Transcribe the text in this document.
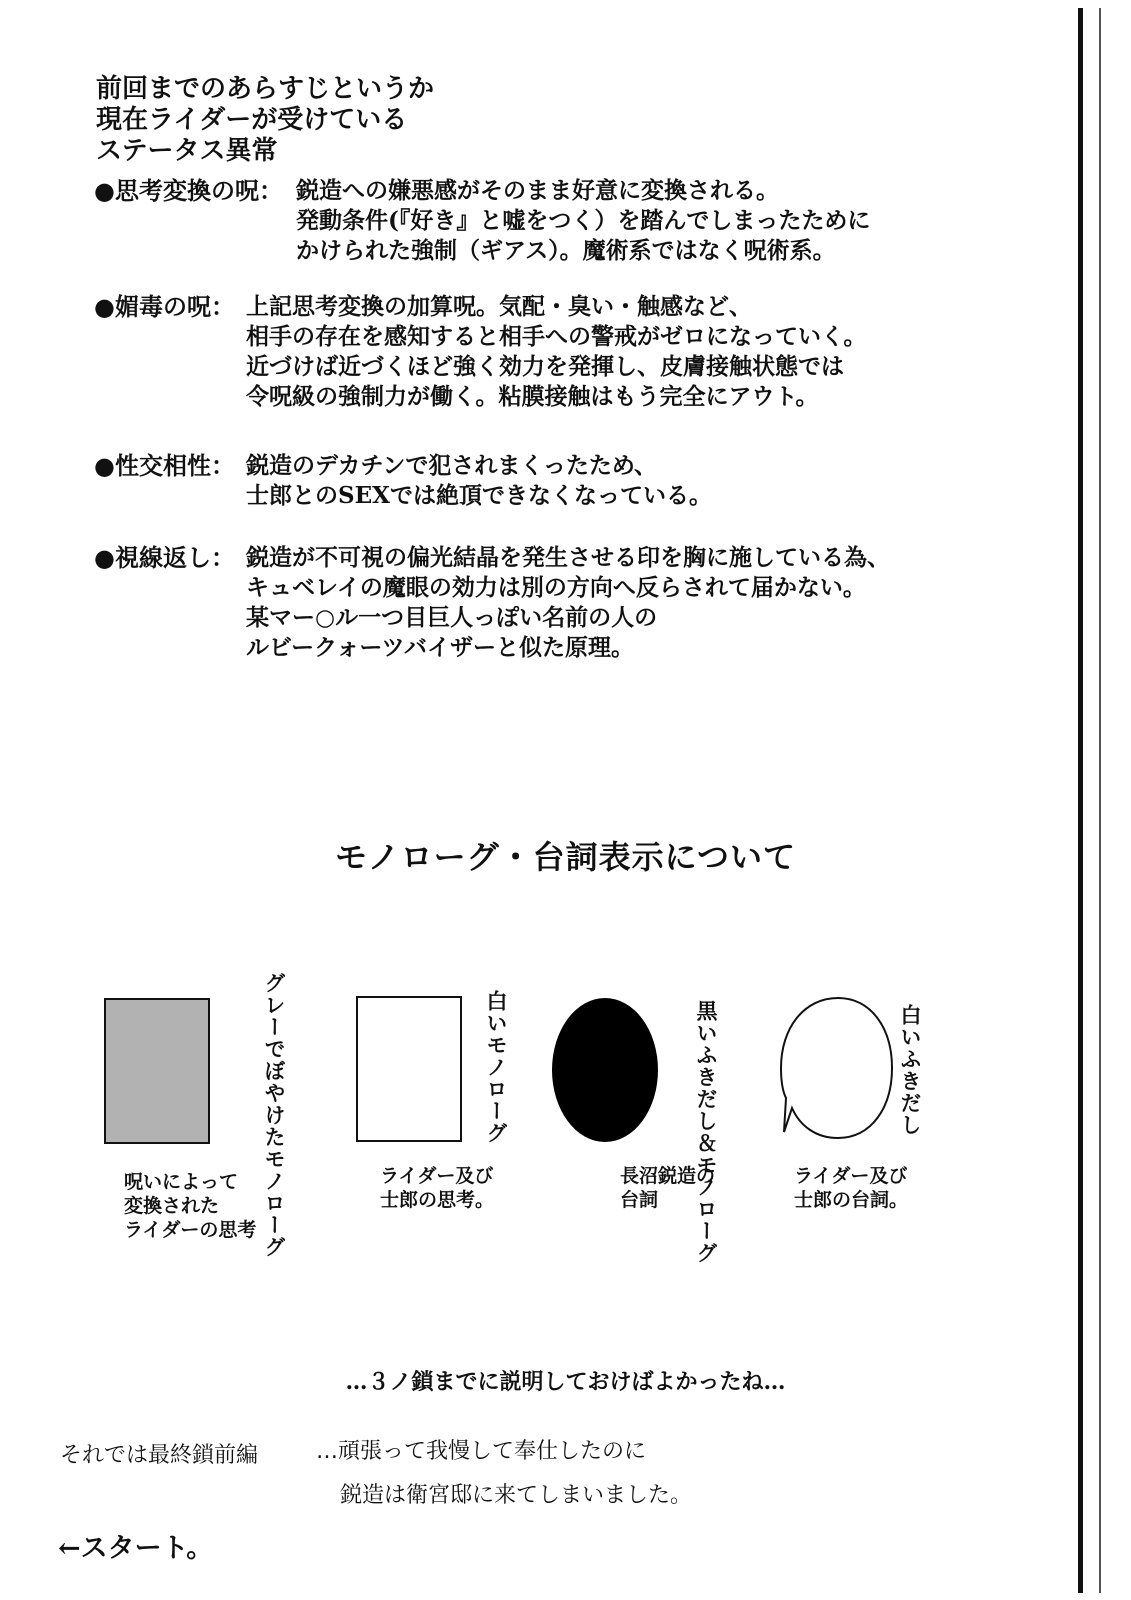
前回までのあらすじというか
現在ライダーが受けている
ステータス異常
●思考変換の呪： 鋭造への嫌悪感がそのまま好意に変換される。
発動条件(『好き』と嘘をつく）を踏んでしまったために
かけられた強制（ギアス）。魔術系ではなく呪術系。
●媚毒の呪： 上記思考変換の加算呪。気配・臭い・触感など、
相手の存在を感知すると相手への警戒がゼロになっていく。
近づけば近づくほど強く効力を発揮し、皮膚接触状態では
令呪級の強制力が働く。粘膜接触はもう完全にアウト。
●性交相性： 鋭造のデカチンで犯されまくったため、
士郎とのSEXでは絶頂できなくなっている。
●視線返し： 鋭造が不可視の偏光結晶を発生させる印を胸に施している為、
キュベレイの魔眼の効力は別の方向へ反らされて届かない。
某マー○ル一つ目巨人っぽい名前の人の
ルビークォーツバイザーと似た原理。
モノローグ・台詞表示について
グレーでぼやけたモノローグ
呪いによって
変換された
ライダーの思考
白いモノローグ
ライダー及び
士郎の思考。	黒いふきだし＆モノローグ
長沼鋭造の
台詞
白いふきだし
ライダー及び
士郎の台詞。
…３ノ鎖までに説明しておけばよかったね…
それでは最終鎖前編	…頑張って我慢して奉仕したのに
鋭造は衛宮邸に来てしまいました。
←スタート。
